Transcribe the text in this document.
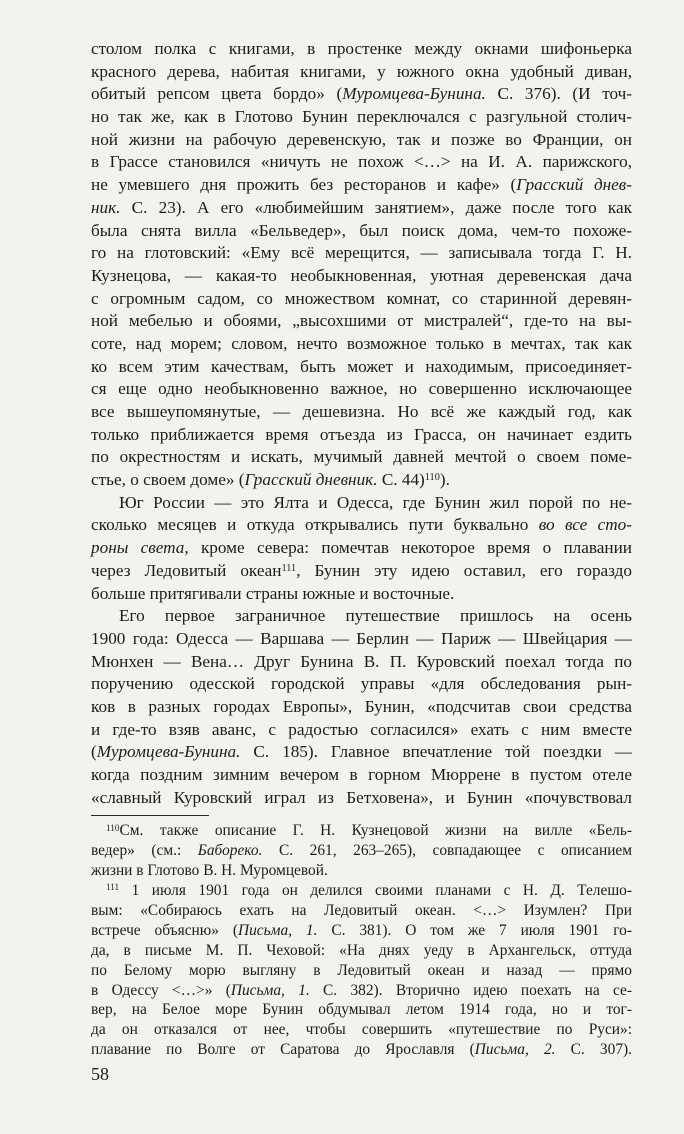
столом полка с книгами, в простенке между окнами шифоньерка
красного дерева, набитая книгами, у южного окна удобный диван,
обитый репсом цвета бордо» (Муромцева-Бунина. С. 376). (И точ-
но так же, как в Глотово Бунин переключался с разгульной столич-
ной жизни на рабочую деревенскую, так и позже во Франции, он
в Грассе становился «ничуть не похож <…> на И. А. парижского,
не умевшего дня прожить без ресторанов и кафе» (Грасский днев-
ник. С. 23). А его «любимейшим занятием», даже после того как
была снята вилла «Бельведер», был поиск дома, чем-то похоже-
го на глотовский: «Ему всё мерещится, — записывала тогда Г. Н.
Кузнецова, — какая-то необыкновенная, уютная деревенская дача
с огромным садом, со множеством комнат, со старинной деревян-
ной мебелью и обоями, „высохшими от мистралей“, где-то на вы-
соте, над морем; словом, нечто возможное только в мечтах, так как
ко всем этим качествам, быть может и находимым, присоединяет-
ся еще одно необыкновенно важное, но совершенно исключающее
все вышеупомянутые, — дешевизна. Но всё же каждый год, как
только приближается время отъезда из Грасса, он начинает ездить
по окрестностям и искать, мучимый давней мечтой о своем поме-
стье, о своем доме» (Грасский дневник. С. 44)$^{110}$).
Юг России — это Ялта и Одесса, где Бунин жил порой по не-
сколько месяцев и откуда открывались пути буквально во все сто-
роны света, кроме севера: помечтав некоторое время о плавании
через Ледовитый океан$^{111}$, Бунин эту идею оставил, его гораздо
больше притягивали страны южные и восточные.
Его первое заграничное путешествие пришлось на осень
1900 года: Одесса — Варшава — Берлин — Париж — Швейцария —
Мюнхен — Вена… Друг Бунина В. П. Куровский поехал тогда по
поручению одесской городской управы «для обследования рын-
ков в разных городах Европы», Бунин, «подсчитав свои средства
и где-то взяв аванс, с радостью согласился» ехать с ним вместе
(Муромцева-Бунина. С. 185). Главное впечатление той поездки —
когда поздним зимним вечером в горном Мюррене в пустом отеле
«славный Куровский играл из Бетховена», и Бунин «почувствовал
$^{110}$См. также описание Г. Н. Кузнецовой жизни на вилле «Бель-
ведер» (см.: Бабореко. С. 261, 263–265), совпадающее с описанием
жизни в Глотово В. Н. Муромцевой.
$^{111}$ 1 июля 1901 года он делился своими планами с Н. Д. Телешо-
вым: «Собираюсь ехать на Ледовитый океан. <…> Изумлен? При
встрече объясню» (Письма, 1. С. 381). О том же 7 июля 1901 го-
да, в письме М. П. Чеховой: «На днях уеду в Архангельск, оттуда
по Белому морю выгляну в Ледовитый океан и назад — прямо
в Одессу <…>» (Письма, 1. С. 382). Вторично идею поехать на се-
вер, на Белое море Бунин обдумывал летом 1914 года, но и тог-
да он отказался от нее, чтобы совершить «путешествие по Руси»:
плавание по Волге от Саратова до Ярославля (Письма, 2. С. 307).
58
